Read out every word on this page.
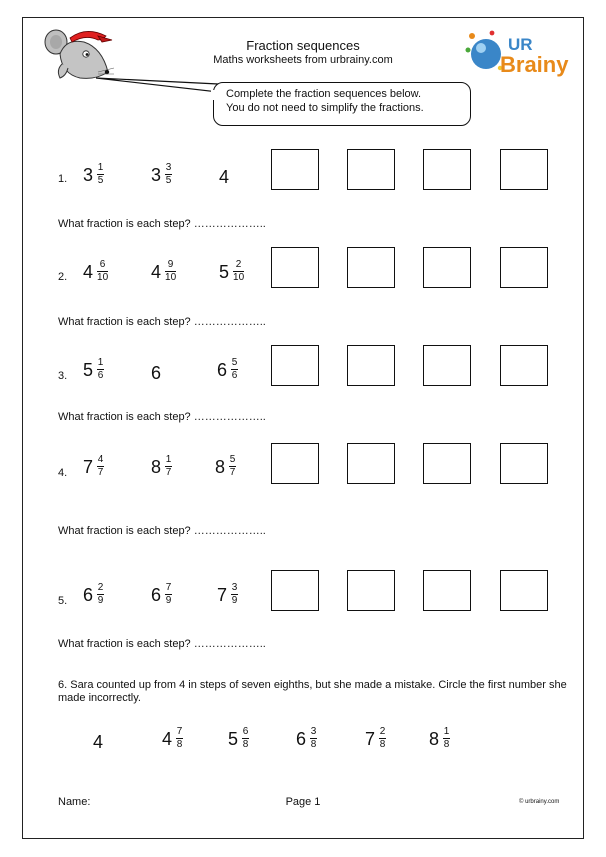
Fraction sequences
Maths worksheets from urbrainy.com
UR
Brainy
Complete the fraction sequences below.
You do not need to simplify the fractions.
1. $3 \frac{1}{5}$	$3 \frac{3}{5}$	4
What fraction is each step? ………………..
2. $4 \frac{6}{10} 4 \frac{9}{10} 5 \frac{2}{10}$
What fraction is each step? ………………..
3. $5 \frac{1}{6}$	6	$6 \frac{5}{6}$
What fraction is each step? ………………..
4. $7 \frac{4}{7}$	$8 \frac{1}{7} 8 \frac{5}{7}$
What fraction is each step? ………………..
5. $6 \frac{2}{9}$	$6 \frac{7}{9} 7 \frac{3}{9}$
What fraction is each step? ………………..
6. Sara counted up from 4 in steps of seven eighths, but she made a mistake. Circle the first number she made incorrectly.
4	$4 \frac{7}{8} 5 \frac{6}{8}$	$6 \frac{3}{8}$	$7 \frac{2}{8} 8 \frac{1}{8}$
Name:	Page 1	© urbrainy.com
